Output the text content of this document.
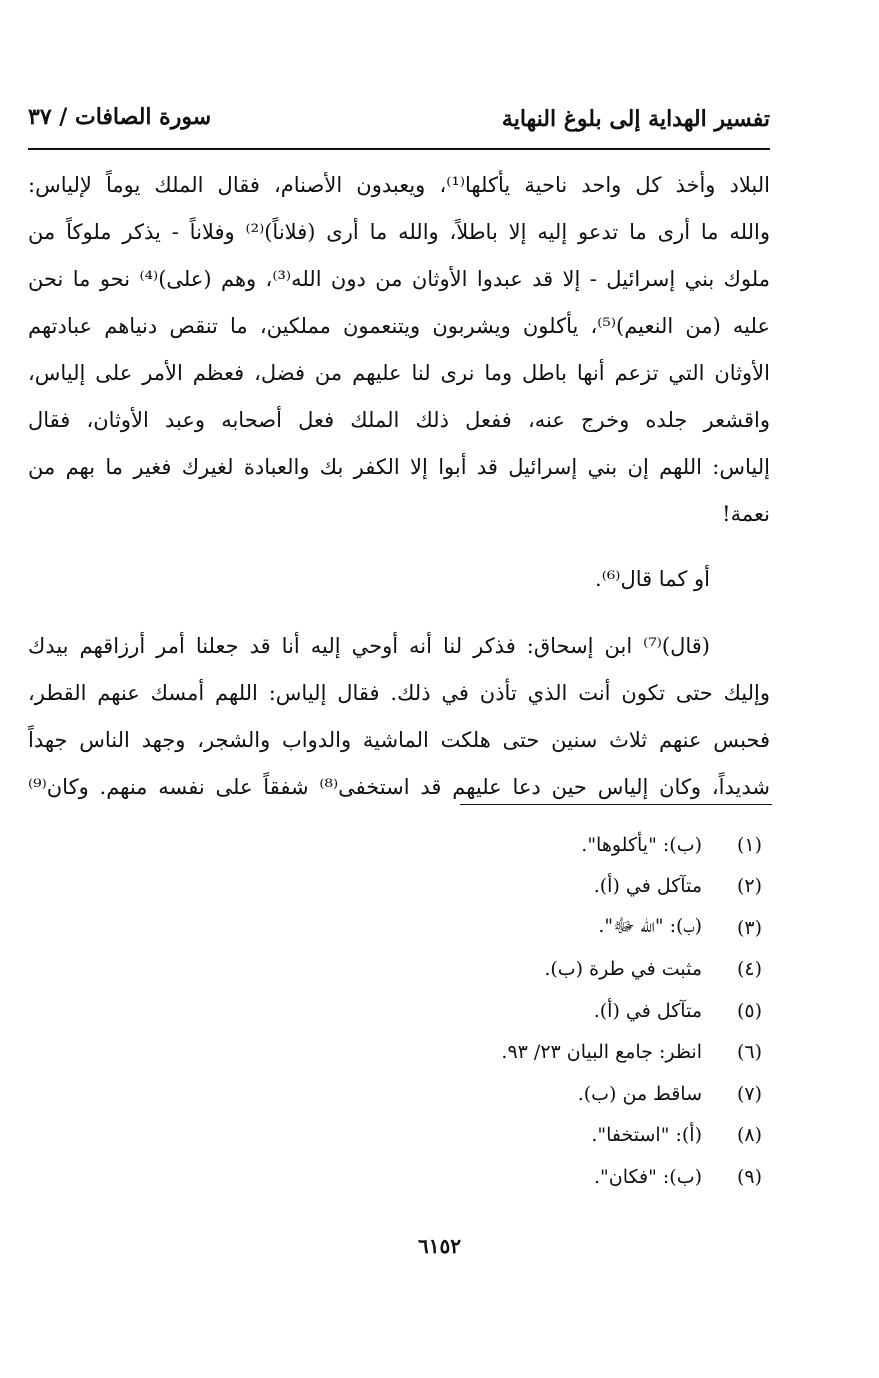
تفسير الهداية إلى بلوغ النهاية
سورة الصافات / ٣٧
البلاد وأخذ كل واحد ناحية يأكلها⁽¹⁾، ويعبدون الأصنام، فقال الملك يوماً لإلياس:
والله ما أرى ما تدعو إليه إلا باطلاً، والله ما أرى (فلاناً)⁽²⁾ وفلاناً - يذكر ملوكاً من
ملوك بني إسرائيل - إلا قد عبدوا الأوثان من دون الله⁽³⁾، وهم (على)⁽⁴⁾ نحو ما نحن
عليه (من النعيم)⁽⁵⁾، يأكلون ويشربون ويتنعمون مملكين، ما تنقص دنياهم عبادتهم
الأوثان التي تزعم أنها باطل وما نرى لنا عليهم من فضل، فعظم الأمر على إلياس،
واقشعر جلده وخرج عنه، ففعل ذلك الملك فعل أصحابه وعبد الأوثان، فقال
إلياس: اللهم إن بني إسرائيل قد أبوا إلا الكفر بك والعبادة لغيرك فغير ما بهم من
نعمة!
أو كما قال⁽⁶⁾.
(قال)⁽⁷⁾ ابن إسحاق: فذكر لنا أنه أوحي إليه أنا قد جعلنا أمر أرزاقهم بيدك
وإليك حتى تكون أنت الذي تأذن في ذلك. فقال إلياس: اللهم أمسك عنهم القطر،
فحبس عنهم ثلاث سنين حتى هلكت الماشية والدواب والشجر، وجهد الناس جهداً
شديداً، وكان إلياس حين دعا عليهم قد استخفى⁽⁸⁾ شفقاً على نفسه منهم. وكان⁽⁹⁾
(١)
(ب): "يأكلوها".
(٢)
متآكل في (أ).
(٣)
(ب): "الله ﷻ".
(٤)
مثبت في طرة (ب).
(٥)
متآكل في (أ).
(٦)
انظر: جامع البيان ٢٣/ ٩٣.
(٧)
ساقط من (ب).
(٨)
(أ): "استخفا".
(٩)
(ب): "فكان".
٦١٥٢
